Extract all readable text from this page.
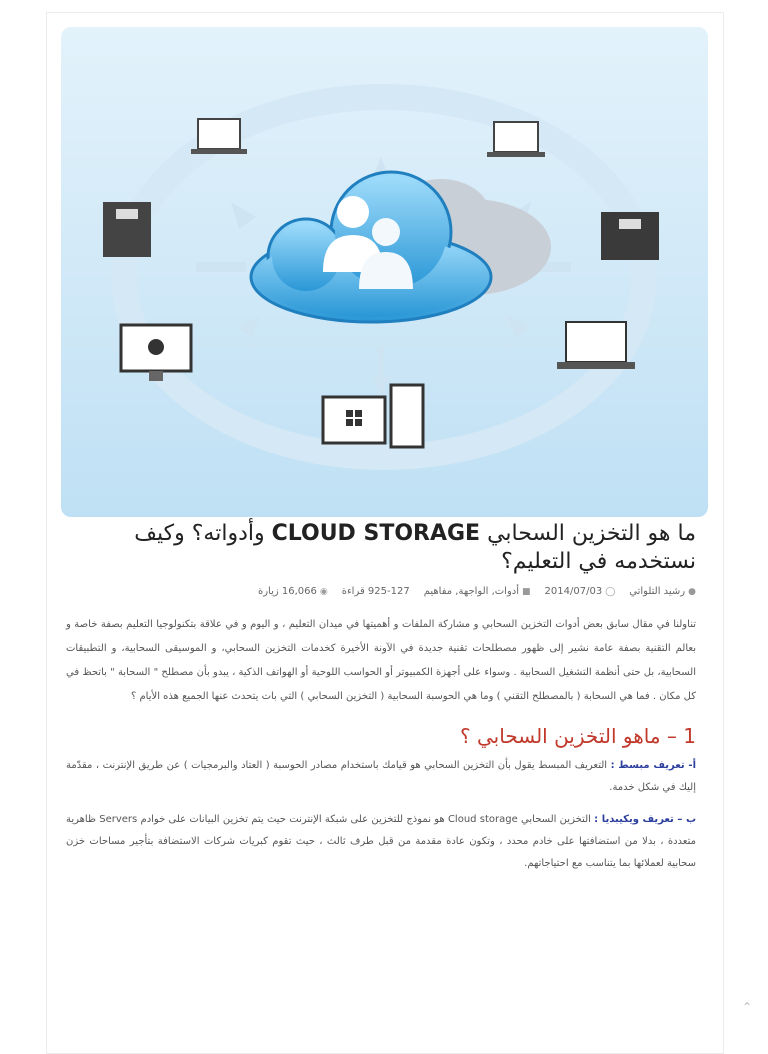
ما هو التخزين السحابي CLOUD STORAGE وأدواته؟ وكيف نستخدمه في التعليم؟
●رشيد التلواتي
◯2014/07/03
■أدوات, الواجهة, مفاهيم
925-127 قراءة
◉16,066 زيارة

تناولنا في مقال سابق بعض أدوات التخزين السحابي و مشاركة الملفات و أهميتها في ميدان التعليم ، و اليوم و في علاقة بتكنولوجيا التعليم بصفة خاصة و بعالم التقنية بصفة عامة نشير إلى ظهور مصطلحات تقنية جديدة في الآونة الأخيرة كخدمات التخزين السحابي، و الموسيقى السحابية، و التطبيقات السحابية، بل حتى أنظمة التشغيل السحابية . وسواء على أجهزة الكمبيوتر أو الحواسب اللوحية أو الهواتف الذكية ، يبدو بأن مصطلح " السحابة " باتحظ في كل مكان . فما هي السحابة ( بالمصطلح التقني ) وما هي الحوسبة السحابية ( التخزين السحابي ) التي بات يتحدث عنها الجميع هذه الأيام ؟

1 – ماهو التخزين السحابي ؟

أ- تعريف مبسط : التعريف المبسط يقول بأن التخزين السحابي هو قيامك باستخدام مصادر الحوسبة ( العتاد والبرمجيات ) عن طريق الإنترنت ، مقدّمة إليك في شكل خدمة.

ب – تعريف ويكيبديا : التخزين السحابي Cloud storage هو نموذج للتخزين على شبكة الإنترنت حيث يتم تخزين البيانات على خوادم Servers ظاهرية متعددة ، بدلا من استضافتها على خادم محدد ، وتكون عادة مقدمة من قبل طرف ثالث ، حيث تقوم كبريات شركات الاستضافة بتأجير مساحات خزن سحابية لعملائها بما يتناسب مع احتياجاتهم.

⌃
